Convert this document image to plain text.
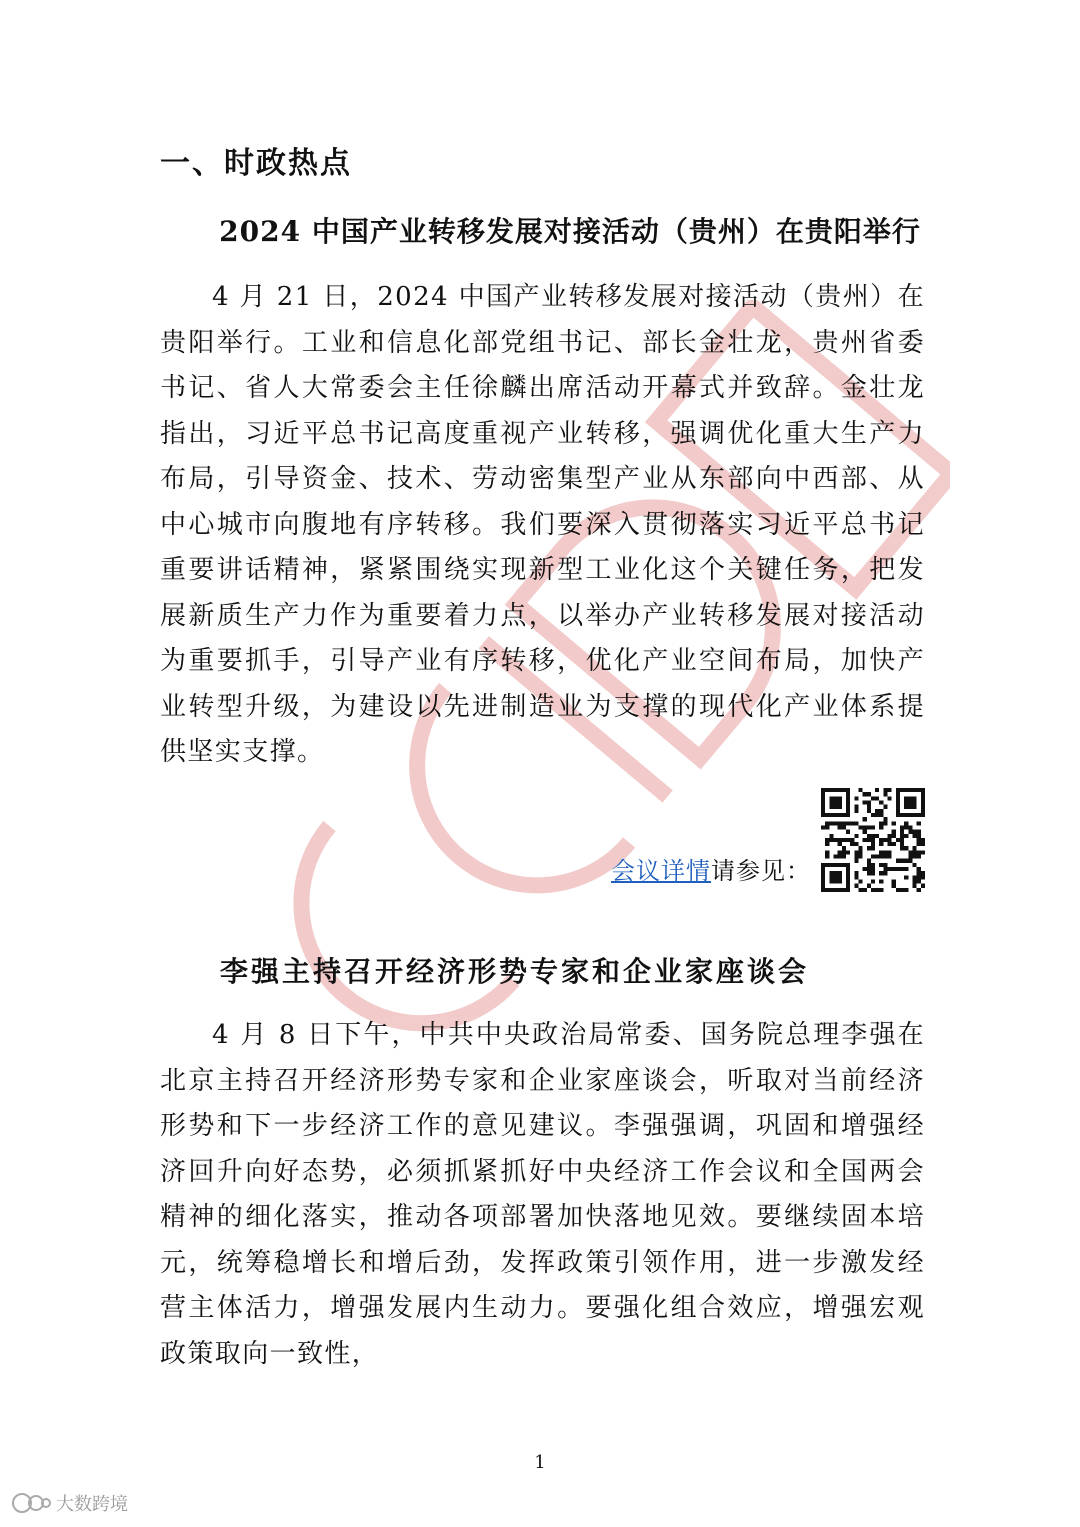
一、时政热点
2024 中国产业转移发展对接活动（贵州）在贵阳举行

4 月 21 日，2024 中国产业转移发展对接活动（贵州）在贵阳举行。工业和信息化部党组书记、部长金壮龙，贵州省委书记、省人大常委会主任徐麟出席活动开幕式并致辞。金壮龙指出，习近平总书记高度重视产业转移，强调优化重大生产力布局，引导资金、技术、劳动密集型产业从东部向中西部、从中心城市向腹地有序转移。我们要深入贯彻落实习近平总书记重要讲话精神，紧紧围绕实现新型工业化这个关键任务，把发展新质生产力作为重要着力点，以举办产业转移发展对接活动为重要抓手，引导产业有序转移，优化产业空间布局，加快产业转型升级，为建设以先进制造业为支撑的现代化产业体系提供坚实支撑。

会议详情请参见：
李强主持召开经济形势专家和企业家座谈会

4 月 8 日下午，中共中央政治局常委、国务院总理李强在北京主持召开经济形势专家和企业家座谈会，听取对当前经济形势和下一步经济工作的意见建议。李强强调，巩固和增强经济回升向好态势，必须抓紧抓好中央经济工作会议和全国两会精神的细化落实，推动各项部署加快落地见效。要继续固本培元，统筹稳增长和增后劲，发挥政策引领作用，进一步激发经营主体活力，增强发展内生动力。要强化组合效应，增强宏观政策取向一致性，

1
大数跨境
